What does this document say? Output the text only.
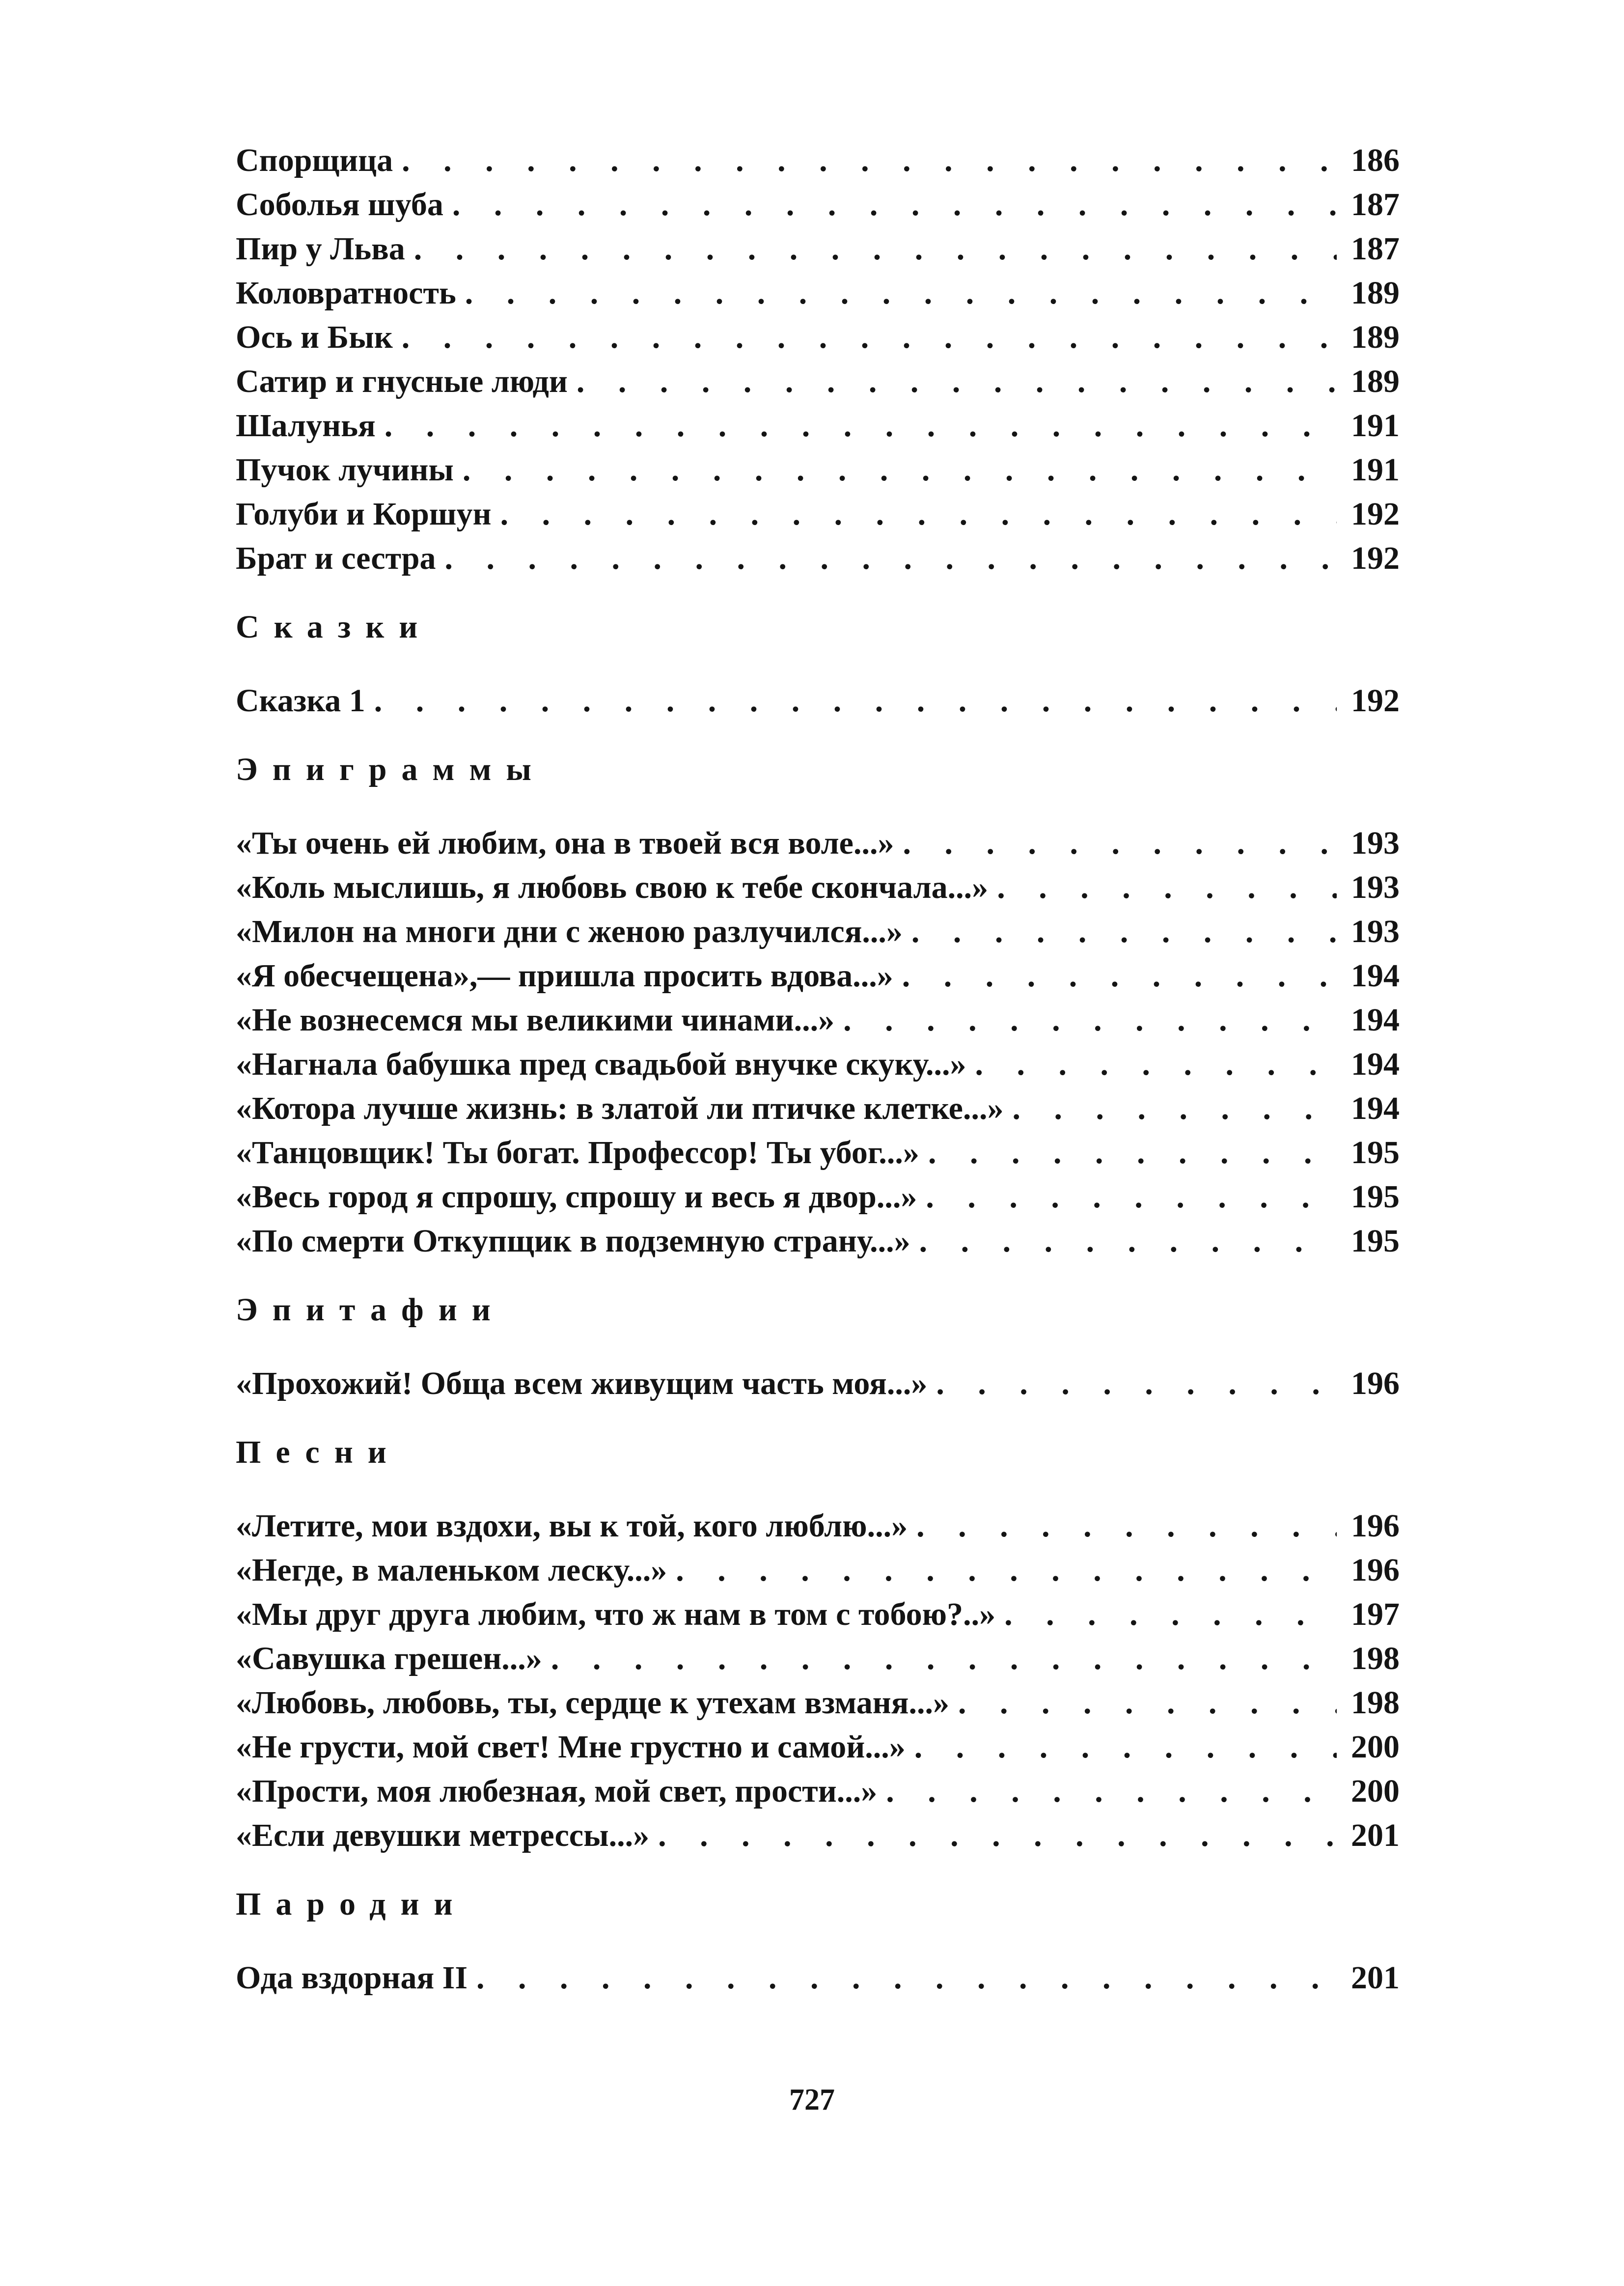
Спорщица . . .	186
Соболья шуба . . .	187
Пир у Льва . . .	187
Коловратность . . .	189
Ось и Бык . . .	189
Сатир и гнусные люди . . .	189
Шалунья . . .	191
Пучок лучины . . .	191
Голуби и Коршун . . .	192
Брат и сестра . . .	192
Сказки
Сказка 1 . . .	192
Эпиграммы
«Ты очень ей любим, она в твоей вся воле...» . . .	193
«Коль мыслишь, я любовь свою к тебе скончала...» . . .	193
«Милон на многи дни с женою разлучился...» . . .	193
«Я обесчещена»,— пришла просить вдова...» . . .	194
«Не вознесемся мы великими чинами...» . . .	194
«Нагнала бабушка пред свадьбой внучке скуку...» . . .	194
«Котора лучше жизнь: в златой ли птичке клетке...» . . .	194
«Танцовщик! Ты богат. Профессор! Ты убог...» . . .	195
«Весь город я спрошу, спрошу и весь я двор...» . . .	195
«По смерти Откупщик в подземную страну...» . . .	195
Эпитафии
«Прохожий! Обща всем живущим часть моя...» . . .	196
Песни
«Летите, мои вздохи, вы к той, кого люблю...» . . .	196
«Негде, в маленьком леску...» . . .	196
«Мы друг друга любим, что ж нам в том с тобою?..» . . .	197
«Савушка грешен...» . . .	198
«Любовь, любовь, ты, сердце к утехам взманя...» . . .	198
«Не грусти, мой свет! Мне грустно и самой...» . . .	200
«Прости, моя любезная, мой свет, прости...» . . .	200
«Если девушки метрессы...» . . .	201
Пародии
Ода вздорная II . . .	201
727
